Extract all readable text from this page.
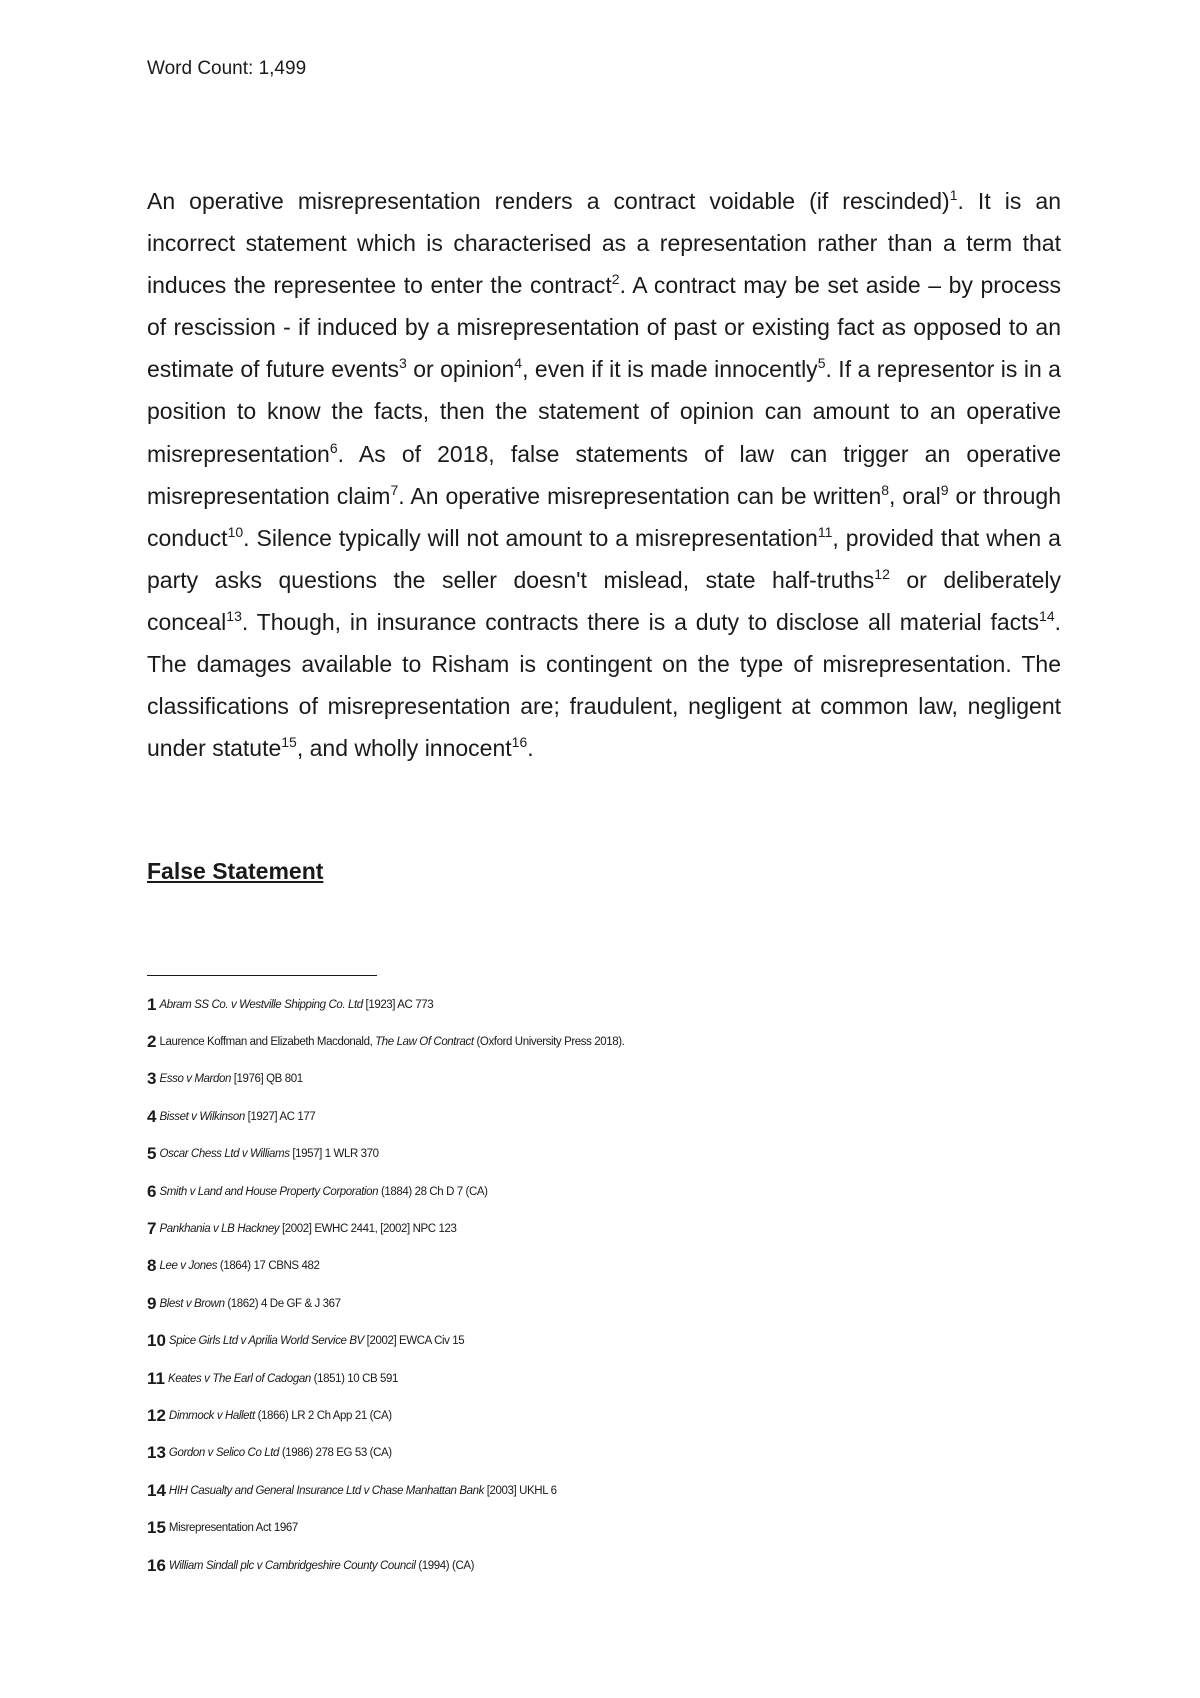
Word Count: 1,499

An operative misrepresentation renders a contract voidable (if rescinded)$^1$. It is an incorrect statement which is characterised as a representation rather than a term that induces the representee to enter the contract$^2$. A contract may be set aside – by process of rescission - if induced by a misrepresentation of past or existing fact as opposed to an estimate of future events$^3$ or opinion$^4$, even if it is made innocently$^5$. If a representor is in a position to know the facts, then the statement of opinion can amount to an operative misrepresentation$^6$. As of 2018, false statements of law can trigger an operative misrepresentation claim$^7$. An operative misrepresentation can be written$^8$, oral$^9$ or through conduct$^{10}$. Silence typically will not amount to a misrepresentation$^{11}$, provided that when a party asks questions the seller doesn't mislead, state half-truths$^{12}$ or deliberately conceal$^{13}$. Though, in insurance contracts there is a duty to disclose all material facts$^{14}$. The damages available to Risham is contingent on the type of misrepresentation. The classifications of misrepresentation are; fraudulent, negligent at common law, negligent under statute$^{15}$, and wholly innocent$^{16}$.

False Statement
1 Abram SS Co. v Westville Shipping Co. Ltd [1923] AC 773
2 Laurence Koffman and Elizabeth Macdonald, The Law Of Contract (Oxford University Press 2018).
3 Esso v Mardon [1976] QB 801
4 Bisset v Wilkinson [1927] AC 177
5 Oscar Chess Ltd v Williams [1957] 1 WLR 370
6 Smith v Land and House Property Corporation (1884) 28 Ch D 7 (CA)
7 Pankhania v LB Hackney [2002] EWHC 2441, [2002] NPC 123
8 Lee v Jones (1864) 17 CBNS 482
9 Blest v Brown (1862) 4 De GF & J 367
10 Spice Girls Ltd v Aprilia World Service BV [2002] EWCA Civ 15
11 Keates v The Earl of Cadogan (1851) 10 CB 591
12 Dimmock v Hallett (1866) LR 2 Ch App 21 (CA)
13 Gordon v Selico Co Ltd (1986) 278 EG 53 (CA)
14 HIH Casualty and General Insurance Ltd v Chase Manhattan Bank [2003] UKHL 6
15 Misrepresentation Act 1967
16 William Sindall plc v Cambridgeshire County Council (1994) (CA)
